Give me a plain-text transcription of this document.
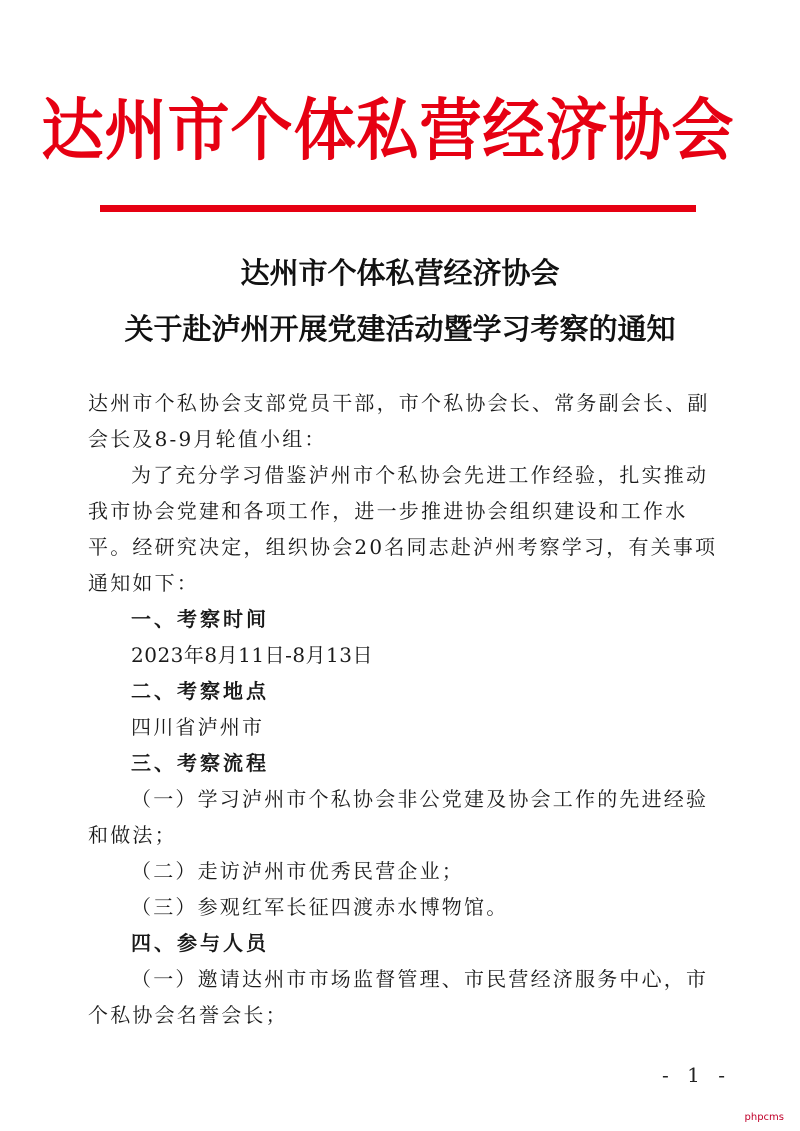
达州市个体私营经济协会
达州市个体私营经济协会
关于赴泸州开展党建活动暨学习考察的通知
达州市个私协会支部党员干部，市个私协会长、常务副会长、副
会长及8-9月轮值小组：
为了充分学习借鉴泸州市个私协会先进工作经验，扎实推动
我市协会党建和各项工作，进一步推进协会组织建设和工作水
平。经研究决定，组织协会20名同志赴泸州考察学习，有关事项
通知如下：
一、考察时间
2023年8月11日-8月13日
二、考察地点
四川省泸州市
三、考察流程
（一）学习泸州市个私协会非公党建及协会工作的先进经验
和做法；
（二）走访泸州市优秀民营企业；
（三）参观红军长征四渡赤水博物馆。
四、参与人员
（一）邀请达州市市场监督管理、市民营经济服务中心，市
个私协会名誉会长；
- 1 -
phpcms
